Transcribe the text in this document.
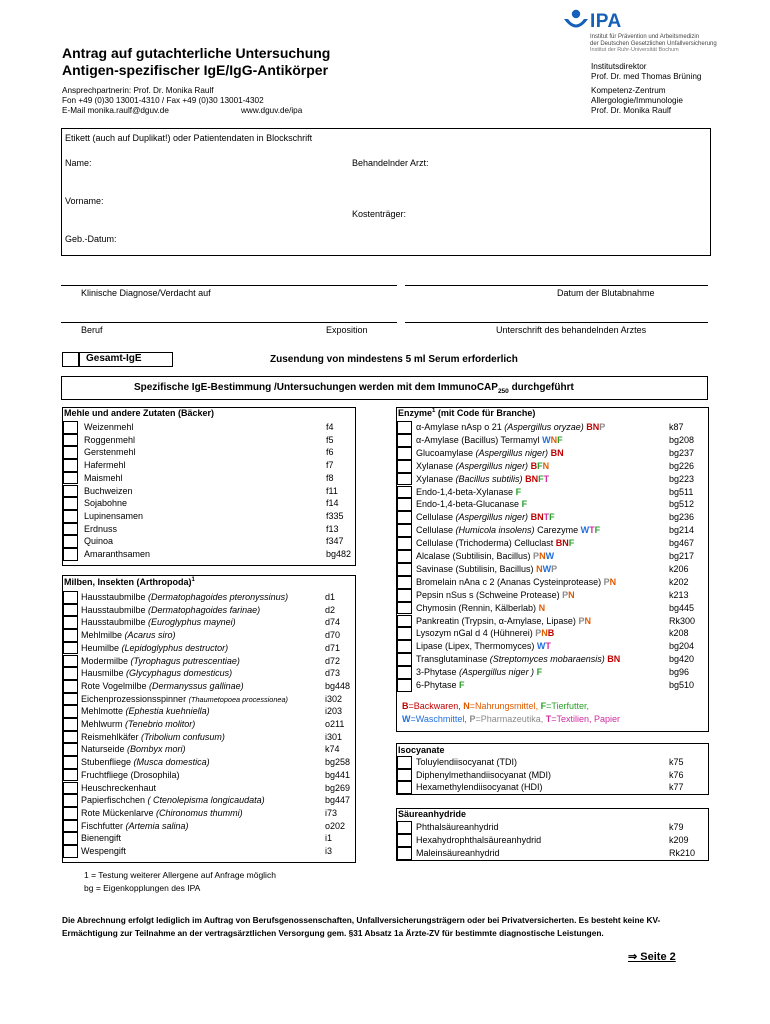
IPA
Institut für Prävention und Arbeitsmedizin
der Deutschen Gesetzlichen Unfallversicherung
Institut der Ruhr-Universität Bochum
Antrag auf gutachterliche Untersuchung
Antigen-spezifischer IgE/IgG-Antikörper
Ansprechpartnerin: Prof. Dr. Monika Raulf
Fon +49 (0)30 13001-4310 / Fax +49 (0)30 13001-4302
E-Mail monika.raulf@dguv.de	www.dguv.de/ipa
Institutsdirektor
Prof. Dr. med Thomas Brüning
Kompetenz-Zentrum
Allergologie/Immunologie
Prof. Dr. Monika Raulf
Etikett (auch auf Duplikat!) oder Patientendaten in Blockschrift
Name:	Behandelnder Arzt:
Vorname:
Kostenträger:
Geb.-Datum:
Klinische Diagnose/Verdacht auf	Datum der Blutabnahme
Beruf	Exposition	Unterschrift des behandelnden Arztes
Gesamt-IgE	Zusendung von mindestens 5 ml Serum erforderlich
Spezifische IgE-Bestimmung /Untersuchungen werden mit dem ImmunoCAP$_{250}$ durchgeführt
Mehle und andere Zutaten (Bäcker)
Milben, Insekten (Arthropoda)$^1$
Enzyme$^1$ (mit Code für Branche)
B=Backwaren, N=Nahrungsmittel, F=Tierfutter,
W=Waschmittel, P=Pharmazeutika, T=Textilien, Papier
Isocyanate
Säureanhydride
1 = Testung weiterer Allergene auf Anfrage möglich
bg = Eigenkopplungen des IPA
Die Abrechnung erfolgt lediglich im Auftrag von Berufsgenossenschaften, Unfallversicherungsträgern oder bei Privatversicherten. Es besteht keine KV-
Ermächtigung zur Teilnahme an der vertragsärztlichen Versorgung gem. §31 Absatz 1a Ärzte-ZV für bestimmte diagnostische Leistungen.
⇒ Seite 2
Weizenmehl	f4
Roggenmehl	f5
Gerstenmehl	f6
Hafermehl	f7
Maismehl	f8
Buchweizen	f11
Sojabohne	f14
Lupinensamen	f335
Erdnuss	f13
Quinoa	f347
Amaranthsamen	bg482
Hausstaubmilbe (Dermatophagoides pteronyssinus)	d1
Hausstaubmilbe (Dermatophagoides farinae)	d2
Hausstaubmilbe (Euroglyphus maynei)	d74
Mehlmilbe (Acarus siro)	d70
Heumilbe (Lepidoglyphus destructor)	d71
Modermilbe (Tyrophagus putrescentiae)	d72
Hausmilbe (Glycyphagus domesticus)	d73
Rote Vogelmilbe (Dermanyssus gallinae)	bg448
Eichenprozessionsspinner (Thaumetopoea processionea)	i302
Mehlmotte (Ephestia kuehniella)	i203
Mehlwurm (Tenebrio molitor)	o211
Reismehlkäfer (Tribolium confusum)	i301
Naturseide (Bombyx mori)	k74
Stubenfliege (Musca domestica)	bg258
Fruchtfliege (Drosophila)	bg441
Heuschreckenhaut	bg269
Papierfischchen ( Ctenolepisma longicaudata)	bg447
Rote Mückenlarve (Chironomus thummi)	i73
Fischfutter (Artemia salina)	o202
Bienengift	i1
Wespengift	i3
Toluylendiisocyanat (TDI)	k75
Diphenylmethandiisocyanat (MDI)	k76
Hexamethylendiisocyanat (HDI)	k77
Phthalsäureanhydrid	k79
Hexahydrophthalsäureanhydrid	k209
Maleinsäureanhydrid	Rk210
α-Amylase nAsp o 21 (Aspergillus oryzae) BNP	k87
α-Amylase (Bacillus) Termamyl WNF	bg208
Glucoamylase (Aspergillus niger) BN	bg237
Xylanase (Aspergillus niger) BFN	bg226
Xylanase (Bacillus subtilis) BNFT	bg223
Endo-1,4-beta-Xylanase F	bg511
Endo-1,4-beta-Glucanase F	bg512
Cellulase (Aspergillus niger) BNTF	bg236
Cellulase (Humicola insolens) Carezyme WTF	bg214
Cellulase (Trichoderma) Celluclast BNF	bg467
Alcalase (Subtilisin, Bacillus) PNW	bg217
Savinase (Subtilisin, Bacillus) NWP	k206
Bromelain nAna c 2 (Ananas Cysteinprotease) PN	k202
Pepsin nSus s (Schweine Protease) PN	k213
Chymosin (Rennin, Kälberlab) N	bg445
Pankreatin (Trypsin, α-Amylase, Lipase) PN	Rk300
Lysozym nGal d 4 (Hühnerei) PNB	k208
Lipase (Lipex, Thermomyces) WT	bg204
Transglutaminase (Streptomyces mobaraensis) BN	bg420
3-Phytase (Aspergillus niger ) F	bg96
6-Phytase F	bg510
